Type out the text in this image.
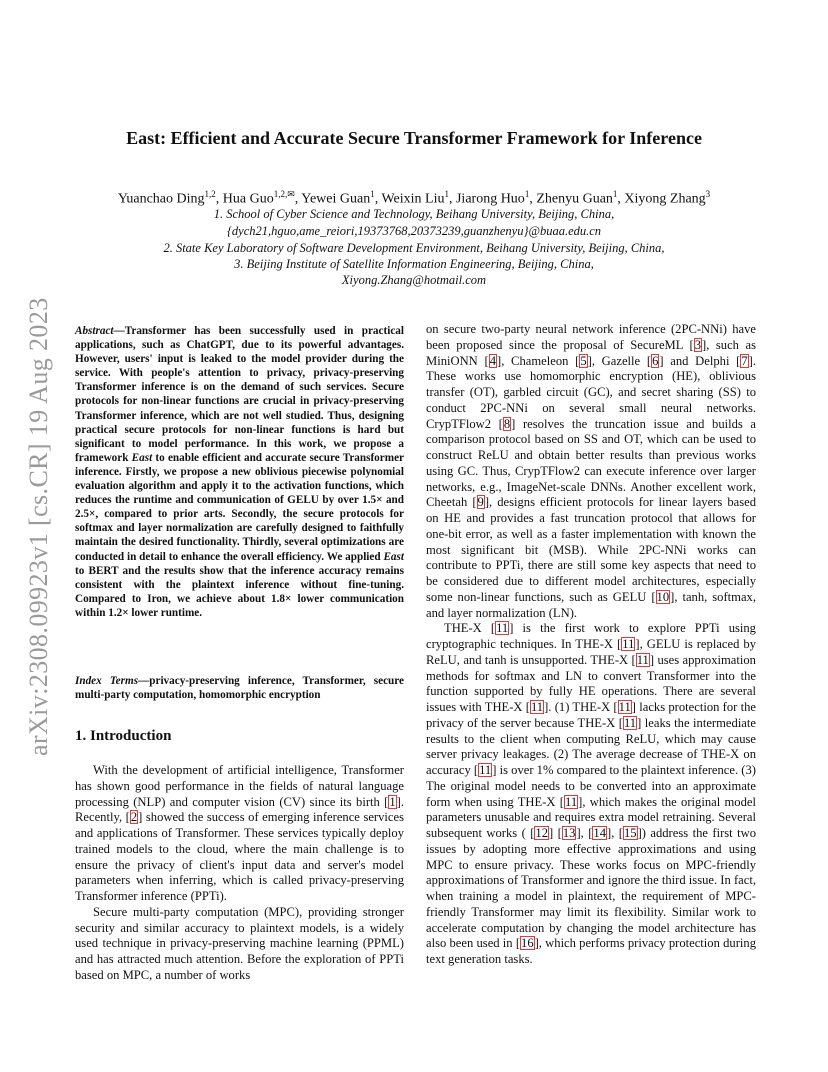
arXiv:2308.09923v1 [cs.CR] 19 Aug 2023
East: Efficient and Accurate Secure Transformer Framework for Inference
Yuanchao Ding$^{1,2}$, Hua Guo$^{1,2,✉}$, Yewei Guan$^1$, Weixin Liu$^1$, Jiarong Huo$^1$, Zhenyu Guan$^1$, Xiyong Zhang$^3$
1. School of Cyber Science and Technology, Beihang University, Beijing, China,
{dych21,hguo,ame_reiori,19373768,20373239,guanzhenyu}@buaa.edu.cn
2. State Key Laboratory of Software Development Environment, Beihang University, Beijing, China,
3. Beijing Institute of Satellite Information Engineering, Beijing, China,
Xiyong.Zhang@hotmail.com

Abstract—Transformer has been successfully used in practical applications, such as ChatGPT, due to its powerful advantages. However, users' input is leaked to the model provider during the service. With people's attention to privacy, privacy-preserving Transformer inference is on the demand of such services. Secure protocols for non-linear functions are crucial in privacy-preserving Transformer inference, which are not well studied. Thus, designing practical secure protocols for non-linear functions is hard but significant to model performance. In this work, we propose a framework East to enable efficient and accurate secure Transformer inference. Firstly, we propose a new oblivious piecewise polynomial evaluation algorithm and apply it to the activation functions, which reduces the runtime and communication of GELU by over 1.5× and 2.5×, compared to prior arts. Secondly, the secure protocols for softmax and layer normalization are carefully designed to faithfully maintain the desired functionality. Thirdly, several optimizations are conducted in detail to enhance the overall efficiency. We applied East to BERT and the results show that the inference accuracy remains consistent with the plaintext inference without fine-tuning. Compared to Iron, we achieve about 1.8× lower communication within 1.2× lower runtime.

Index Terms—privacy-preserving inference, Transformer, secure multi-party computation, homomorphic encryption

1. Introduction

With the development of artificial intelligence, Transformer has shown good performance in the fields of natural language processing (NLP) and computer vision (CV) since its birth [1]. Recently, [2] showed the success of emerging inference services and applications of Transformer. These services typically deploy trained models to the cloud, where the main challenge is to ensure the privacy of client's input data and server's model parameters when inferring, which is called privacy-preserving Transformer inference (PPTi).

Secure multi-party computation (MPC), providing stronger security and similar accuracy to plaintext models, is a widely used technique in privacy-preserving machine learning (PPML) and has attracted much attention. Before the exploration of PPTi based on MPC, a number of works

on secure two-party neural network inference (2PC-NNi) have been proposed since the proposal of SecureML [3], such as MiniONN [4], Chameleon [5], Gazelle [6] and Delphi [7]. These works use homomorphic encryption (HE), oblivious transfer (OT), garbled circuit (GC), and secret sharing (SS) to conduct 2PC-NNi on several small neural networks. CrypTFlow2 [8] resolves the truncation issue and builds a comparison protocol based on SS and OT, which can be used to construct ReLU and obtain better results than previous works using GC. Thus, CrypTFlow2 can execute inference over larger networks, e.g., ImageNet-scale DNNs. Another excellent work, Cheetah [9], designs efficient protocols for linear layers based on HE and provides a fast truncation protocol that allows for one-bit error, as well as a faster implementation with known the most significant bit (MSB). While 2PC-NNi works can contribute to PPTi, there are still some key aspects that need to be considered due to different model architectures, especially some non-linear functions, such as GELU [10], tanh, softmax, and layer normalization (LN).

THE-X [11] is the first work to explore PPTi using cryptographic techniques. In THE-X [11], GELU is replaced by ReLU, and tanh is unsupported. THE-X [11] uses approximation methods for softmax and LN to convert Transformer into the function supported by fully HE operations. There are several issues with THE-X [11]. (1) THE-X [11] lacks protection for the privacy of the server because THE-X [11] leaks the intermediate results to the client when computing ReLU, which may cause server privacy leakages. (2) The average decrease of THE-X on accuracy [11] is over 1% compared to the plaintext inference. (3) The original model needs to be converted into an approximate form when using THE-X [11], which makes the original model parameters unusable and requires extra model retraining. Several subsequent works ( [12] [13], [14], [15]) address the first two issues by adopting more effective approximations and using MPC to ensure privacy. These works focus on MPC-friendly approximations of Transformer and ignore the third issue. In fact, when training a model in plaintext, the requirement of MPC-friendly Transformer may limit its flexibility. Similar work to accelerate computation by changing the model architecture has also been used in [16], which performs privacy protection during text generation tasks.
